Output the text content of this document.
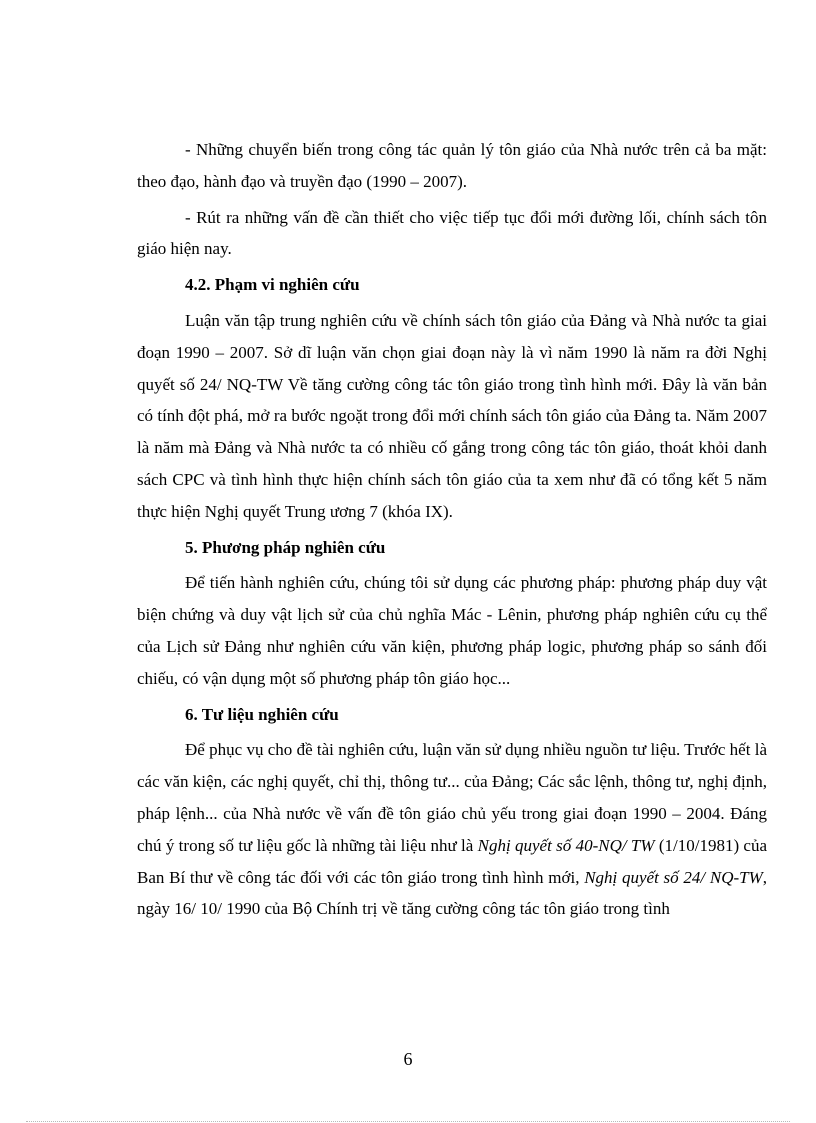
- Những chuyển biến trong công tác quản lý tôn giáo của Nhà nước trên cả ba mặt: theo đạo, hành đạo và truyền đạo (1990 – 2007).

- Rút ra những vấn đề cần thiết cho việc tiếp tục đổi mới đường lối, chính sách tôn giáo hiện nay.

4.2. Phạm vi nghiên cứu

Luận văn tập trung nghiên cứu về chính sách tôn giáo của Đảng và Nhà nước ta giai đoạn 1990 – 2007. Sở dĩ luận văn chọn giai đoạn này là vì năm 1990 là năm ra đời Nghị quyết số 24/ NQ-TW Về tăng cường công tác tôn giáo trong tình hình mới. Đây là văn bản có tính đột phá, mở ra bước ngoặt trong đổi mới chính sách tôn giáo của Đảng ta. Năm 2007 là năm mà Đảng và Nhà nước ta có nhiều cố gắng trong công tác tôn giáo, thoát khỏi danh sách CPC và tình hình thực hiện chính sách tôn giáo của ta xem như đã có tổng kết 5 năm thực hiện Nghị quyết Trung ương 7 (khóa IX).

5. Phương pháp nghiên cứu

Để tiến hành nghiên cứu, chúng tôi sử dụng các phương pháp: phương pháp duy vật biện chứng và duy vật lịch sử của chủ nghĩa Mác - Lênin, phương pháp nghiên cứu cụ thể của Lịch sử Đảng như nghiên cứu văn kiện, phương pháp logic, phương pháp so sánh đối chiếu, có vận dụng một số phương pháp tôn giáo học...

6. Tư liệu nghiên cứu

Để phục vụ cho đề tài nghiên cứu, luận văn sử dụng nhiều nguồn tư liệu. Trước hết là các văn kiện, các nghị quyết, chỉ thị, thông tư... của Đảng; Các sắc lệnh, thông tư, nghị định, pháp lệnh... của Nhà nước về vấn đề tôn giáo chủ yếu trong giai đoạn 1990 – 2004. Đáng chú ý trong số tư liệu gốc là những tài liệu như là Nghị quyết số 40-NQ/ TW (1/10/1981) của Ban Bí thư về công tác đối với các tôn giáo trong tình hình mới, Nghị quyết số 24/ NQ-TW, ngày 16/ 10/ 1990 của Bộ Chính trị về tăng cường công tác tôn giáo trong tình

6
